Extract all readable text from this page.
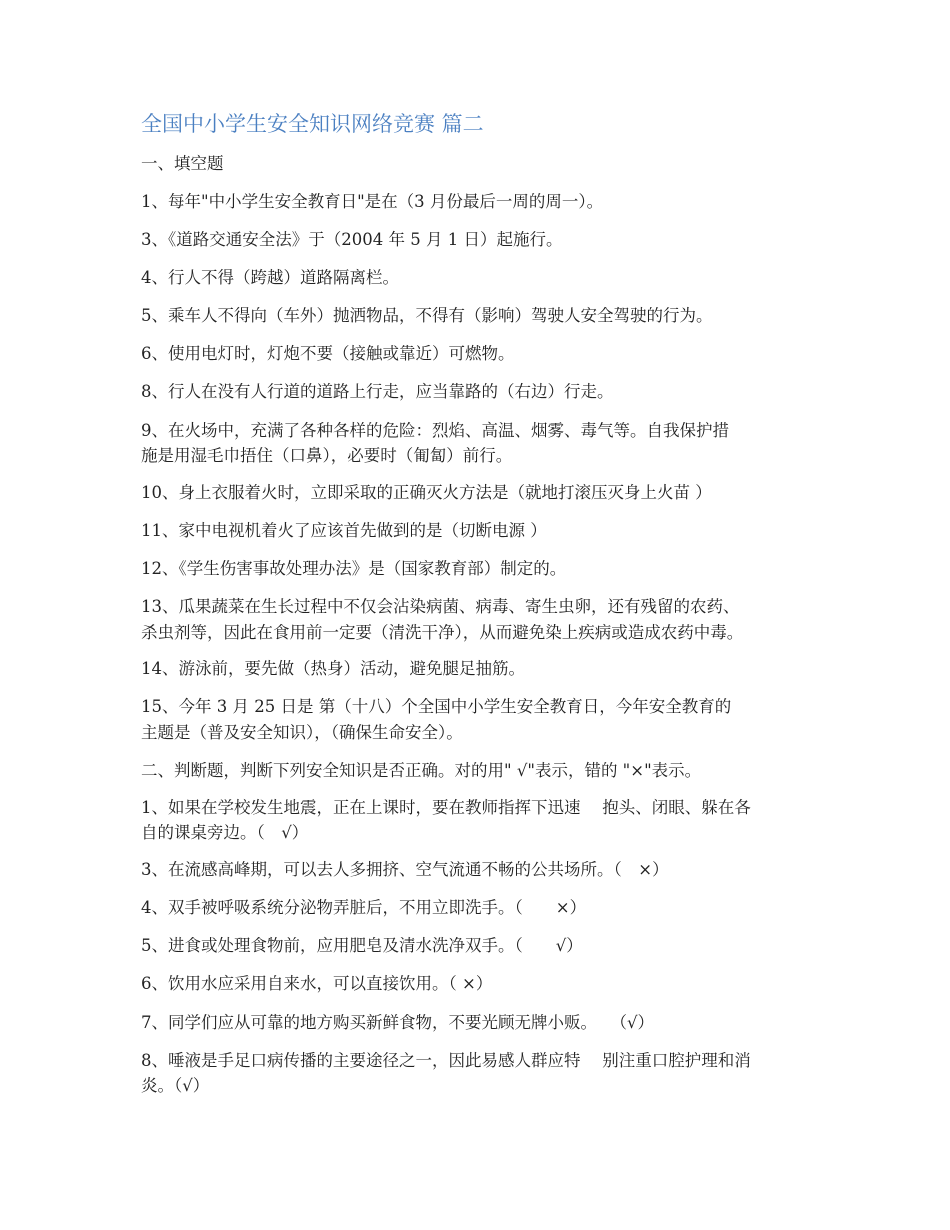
全国中小学生安全知识网络竞赛 篇二
一、填空题
1、每年"中小学生安全教育日"是在（3 月份最后一周的周一）。
3、《道路交通安全法》于（2004 年 5 月 1 日）起施行。
4、行人不得（跨越）道路隔离栏。
5、乘车人不得向（车外）抛洒物品，不得有（影响）驾驶人安全驾驶的行为。
6、使用电灯时，灯炮不要（接触或靠近）可燃物。
8、行人在没有人行道的道路上行走，应当靠路的（右边）行走。
9、在火场中，充满了各种各样的危险：烈焰、高温、烟雾、毒气等。自我保护措
施是用湿毛巾捂住（口鼻），必要时（匍匐）前行。
10、身上衣服着火时，立即采取的正确灭火方法是（就地打滚压灭身上火苗 ）
11、家中电视机着火了应该首先做到的是（切断电源 ）
12、《学生伤害事故处理办法》是（国家教育部）制定的。
13、瓜果蔬菜在生长过程中不仅会沾染病菌、病毒、寄生虫卵，还有残留的农药、
杀虫剂等，因此在食用前一定要（清洗干净），从而避免染上疾病或造成农药中毒。
14、游泳前，要先做（热身）活动，避免腿足抽筋。
15、今年 3 月 25 日是 第（十八）个全国中小学生安全教育日，今年安全教育的
主题是（普及安全知识），（确保生命安全）。
二、判断题，判断下列安全知识是否正确。对的用" √"表示，错的 "×"表示。
1、如果在学校发生地震，正在上课时，要在教师指挥下迅速　 抱头、闭眼、躲在各
自的课桌旁边。（　√）
3、在流感高峰期，可以去人多拥挤、空气流通不畅的公共场所。（　×）
4、双手被呼吸系统分泌物弄脏后，不用立即洗手。（　　×）
5、进食或处理食物前，应用肥皂及清水洗净双手。（　　√）
6、饮用水应采用自来水，可以直接饮用。（ ×）
7、同学们应从可靠的地方购买新鲜食物，不要光顾无牌小贩。　 （√）
8、唾液是手足口病传播的主要途径之一，因此易感人群应特　 别注重口腔护理和消
炎。（√）
